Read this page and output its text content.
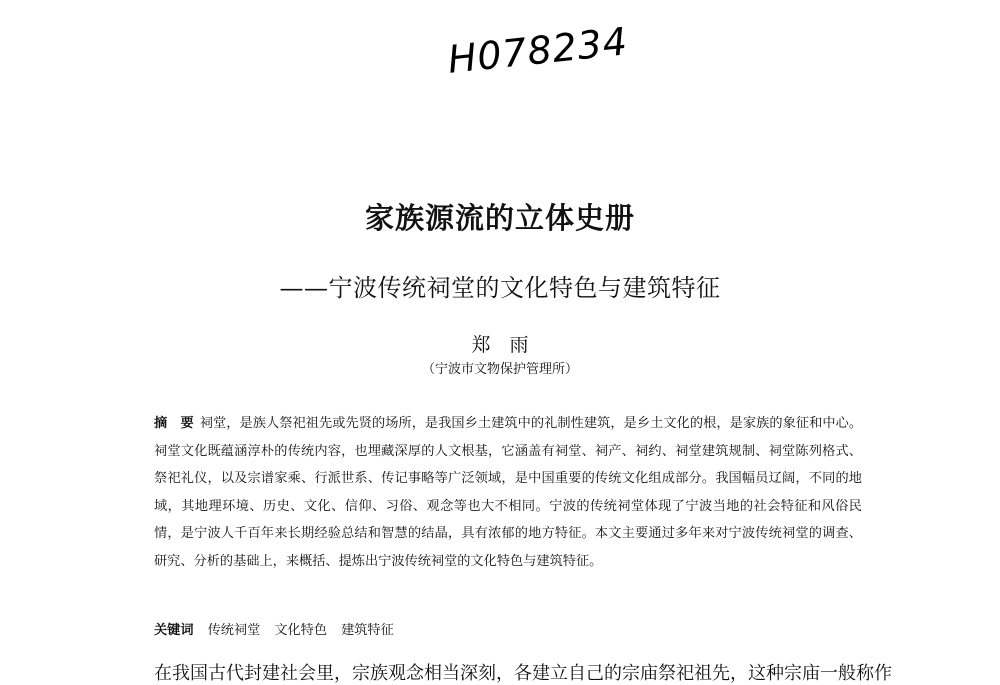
H078234
家族源流的立体史册
——宁波传统祠堂的文化特色与建筑特征
郑　雨
（宁波市文物保护管理所）
摘　要 祠堂，是族人祭祀祖先或先贤的场所，是我国乡土建筑中的礼制性建筑，是乡土文化的根，是家族的象征和中心。祠堂文化既蕴涵淳朴的传统内容，也埋藏深厚的人文根基，它涵盖有祠堂、祠产、祠约、祠堂建筑规制、祠堂陈列格式、祭祀礼仪，以及宗谱家乘、行派世系、传记事略等广泛领域，是中国重要的传统文化组成部分。我国幅员辽阔，不同的地域，其地理环境、历史、文化、信仰、习俗、观念等也大不相同。宁波的传统祠堂体现了宁波当地的社会特征和风俗民情，是宁波人千百年来长期经验总结和智慧的结晶，具有浓郁的地方特征。本文主要通过多年来对宁波传统祠堂的调查、研究、分析的基础上，来概括、提炼出宁波传统祠堂的文化特色与建筑特征。
关键词 传统祠堂 文化特色 建筑特征
在我国古代封建社会里，宗族观念相当深刻，各建立自己的宗庙祭祀祖先，这种宗庙一般称作
